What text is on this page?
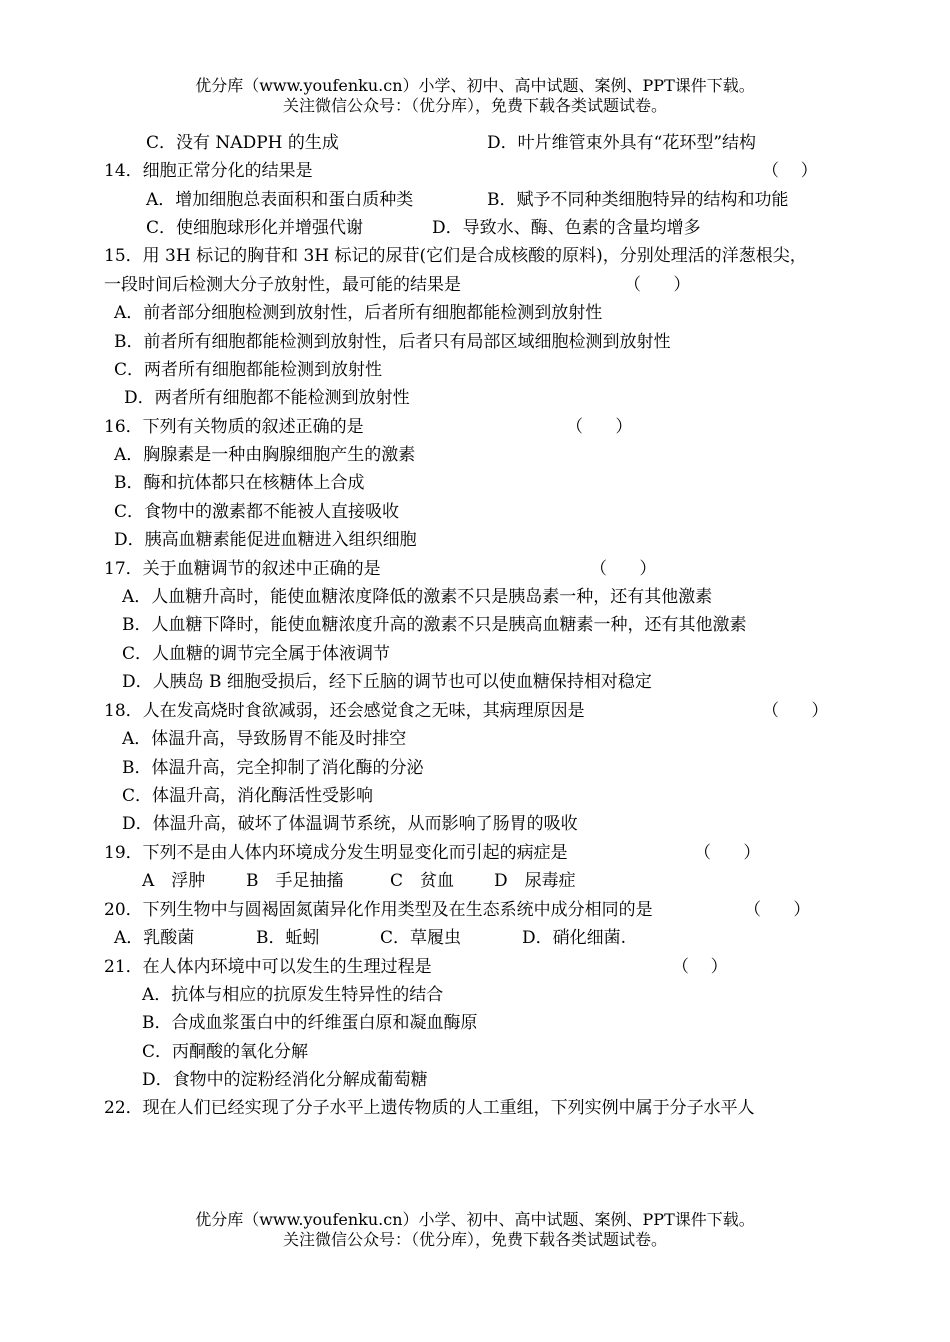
优分库（www.youfenku.cn）小学、初中、高中试题、案例、PPT课件下载。
关注微信公众号：（优分库），免费下载各类试题试卷。
C．没有 NADPH 的生成	D．叶片维管束外具有“花环型”结构
14．细胞正常分化的结果是	（    ）
A．增加细胞总表面积和蛋白质种类	B．赋予不同种类细胞特异的结构和功能
C．使细胞球形化并增强代谢	D．导致水、酶、色素的含量均增多
15．用 3H 标记的胸苷和 3H 标记的尿苷(它们是合成核酸的原料)，分别处理活的洋葱根尖，
一段时间后检测大分子放射性，最可能的结果是	（      ）
A．前者部分细胞检测到放射性，后者所有细胞都能检测到放射性
B．前者所有细胞都能检测到放射性，后者只有局部区域细胞检测到放射性
C．两者所有细胞都能检测到放射性
D．两者所有细胞都不能检测到放射性
16．下列有关物质的叙述正确的是	（      ）
A．胸腺素是一种由胸腺细胞产生的激素
B．酶和抗体都只在核糖体上合成
C．食物中的激素都不能被人直接吸收
D．胰高血糖素能促进血糖进入组织细胞
17．关于血糖调节的叙述中正确的是	（      ）
A．人血糖升高时，能使血糖浓度降低的激素不只是胰岛素一种，还有其他激素
B．人血糖下降时，能使血糖浓度升高的激素不只是胰高血糖素一种，还有其他激素
C．人血糖的调节完全属于体液调节
D．人胰岛 B 细胞受损后，经下丘脑的调节也可以使血糖保持相对稳定
18．人在发高烧时食欲减弱，还会感觉食之无味，其病理原因是	（      ）
A．体温升高，导致肠胃不能及时排空
B．体温升高，完全抑制了消化酶的分泌
C．体温升高，消化酶活性受影响
D．体温升高，破坏了体温调节系统，从而影响了肠胃的吸收
19．下列不是由人体内环境成分发生明显变化而引起的病症是	（      ）
A　浮肿 B　手足抽搐	C　贫血 D　尿毒症
20．下列生物中与圆褐固氮菌异化作用类型及在生态系统中成分相同的是	（      ）
A．乳酸菌	B．蚯蚓	C．草履虫	D．硝化细菌.
21．在人体内环境中可以发生的生理过程是	（    ）
A．抗体与相应的抗原发生特异性的结合
B．合成血浆蛋白中的纤维蛋白原和凝血酶原
C．丙酮酸的氧化分解
D．食物中的淀粉经消化分解成葡萄糖
22．现在人们已经实现了分子水平上遗传物质的人工重组，下列实例中属于分子水平人
优分库（www.youfenku.cn）小学、初中、高中试题、案例、PPT课件下载。
关注微信公众号：（优分库），免费下载各类试题试卷。
